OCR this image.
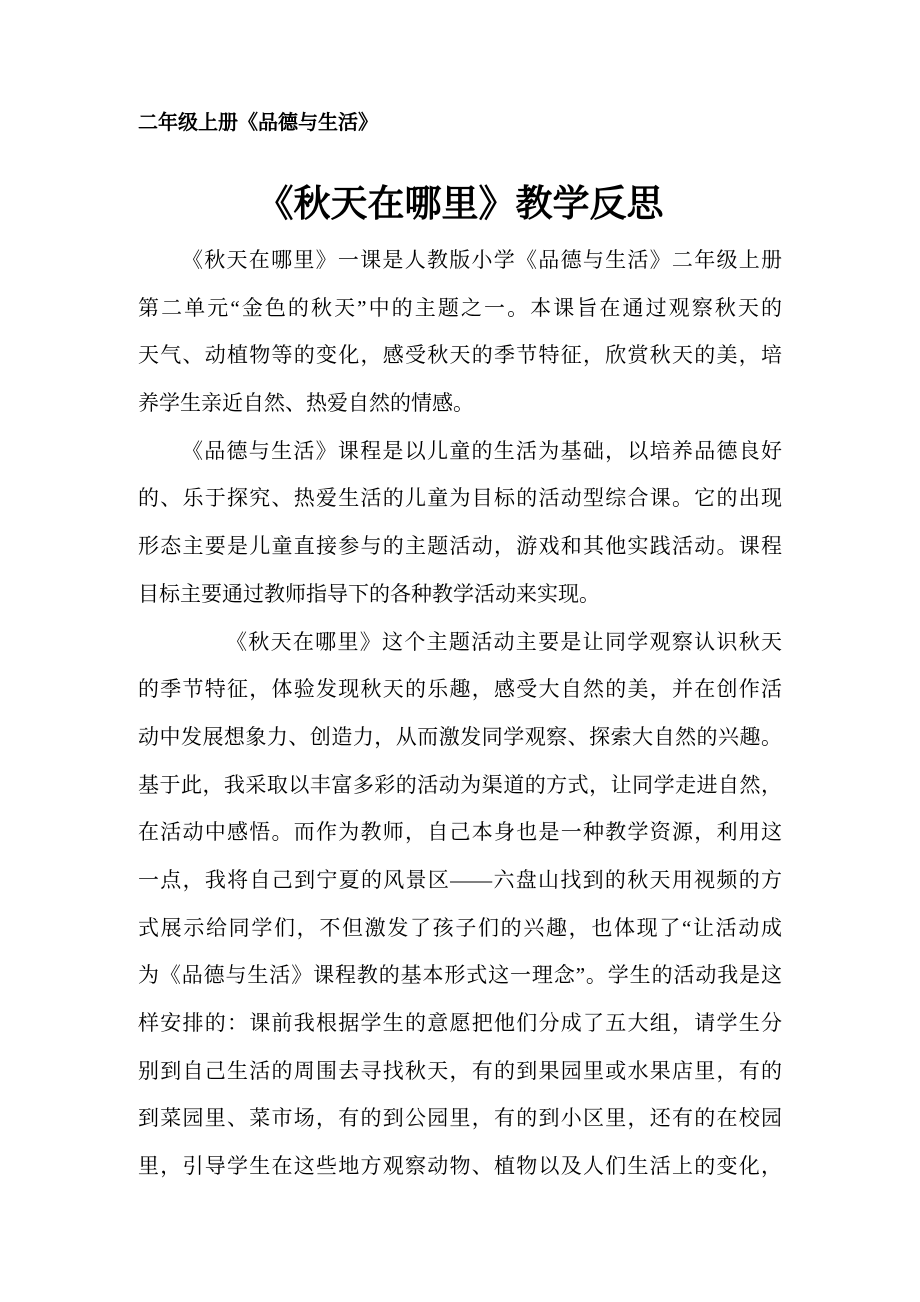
二年级上册《品德与生活》
《秋天在哪里》教学反思
《秋天在哪里》一课是人教版小学《品德与生活》二年级上册
第二单元“金色的秋天”中的主题之一。本课旨在通过观察秋天的
天气、动植物等的变化，感受秋天的季节特征，欣赏秋天的美，培
养学生亲近自然、热爱自然的情感。
《品德与生活》课程是以儿童的生活为基础，以培养品德良好
的、乐于探究、热爱生活的儿童为目标的活动型综合课。它的出现
形态主要是儿童直接参与的主题活动，游戏和其他实践活动。课程
目标主要通过教师指导下的各种教学活动来实现。
《秋天在哪里》这个主题活动主要是让同学观察认识秋天
的季节特征，体验发现秋天的乐趣，感受大自然的美，并在创作活
动中发展想象力、创造力，从而激发同学观察、探索大自然的兴趣。
基于此，我采取以丰富多彩的活动为渠道的方式，让同学走进自然，
在活动中感悟。而作为教师，自己本身也是一种教学资源，利用这
一点，我将自己到宁夏的风景区——六盘山找到的秋天用视频的方
式展示给同学们，不但激发了孩子们的兴趣，也体现了“让活动成
为《品德与生活》课程教的基本形式这一理念”。学生的活动我是这
样安排的：课前我根据学生的意愿把他们分成了五大组，请学生分
别到自己生活的周围去寻找秋天，有的到果园里或水果店里，有的
到菜园里、菜市场，有的到公园里，有的到小区里，还有的在校园
里，引导学生在这些地方观察动物、植物以及人们生活上的变化，
